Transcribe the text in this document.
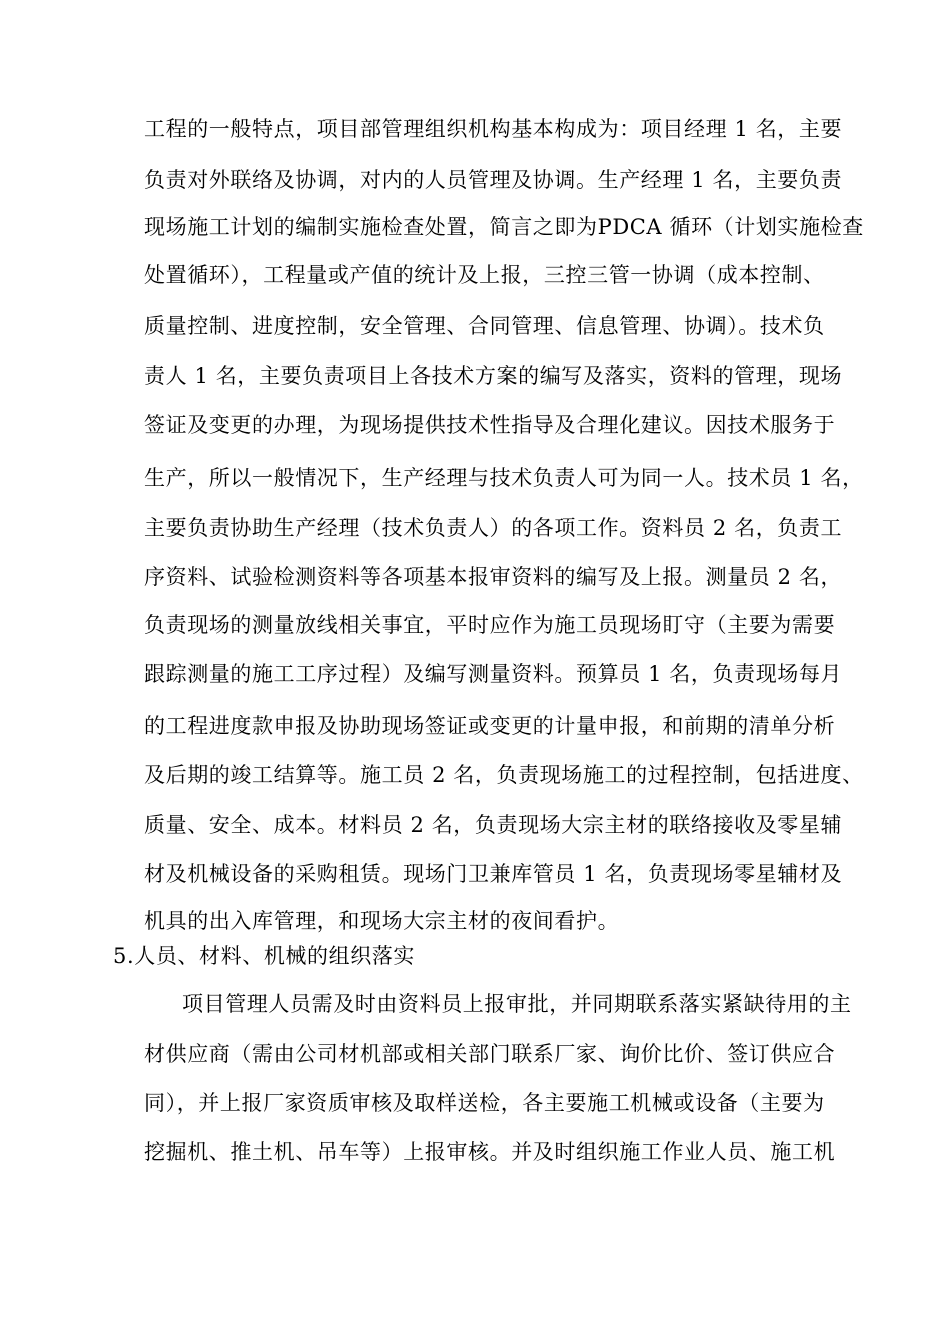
工程的一般特点，项目部管理组织机构基本构成为：项目经理 1 名，主要
负责对外联络及协调，对内的人员管理及协调。生产经理 1 名，主要负责
现场施工计划的编制实施检查处置，简言之即为PDCA 循环（计划实施检查
处置循环），工程量或产值的统计及上报，三控三管一协调（成本控制、
质量控制、进度控制，安全管理、合同管理、信息管理、协调）。技术负
责人 1 名，主要负责项目上各技术方案的编写及落实，资料的管理，现场
签证及变更的办理，为现场提供技术性指导及合理化建议。因技术服务于
生产，所以一般情况下，生产经理与技术负责人可为同一人。技术员 1 名，
主要负责协助生产经理（技术负责人）的各项工作。资料员 2 名，负责工
序资料、试验检测资料等各项基本报审资料的编写及上报。测量员 2 名，
负责现场的测量放线相关事宜，平时应作为施工员现场盯守（主要为需要
跟踪测量的施工工序过程）及编写测量资料。预算员 1 名，负责现场每月
的工程进度款申报及协助现场签证或变更的计量申报，和前期的清单分析
及后期的竣工结算等。施工员 2 名，负责现场施工的过程控制，包括进度、
质量、安全、成本。材料员 2 名，负责现场大宗主材的联络接收及零星辅
材及机械设备的采购租赁。现场门卫兼库管员 1 名，负责现场零星辅材及
机具的出入库管理，和现场大宗主材的夜间看护。
5.人员、材料、机械的组织落实
项目管理人员需及时由资料员上报审批，并同期联系落实紧缺待用的主
材供应商（需由公司材机部或相关部门联系厂家、询价比价、签订供应合
同），并上报厂家资质审核及取样送检，各主要施工机械或设备（主要为
挖掘机、推土机、吊车等）上报审核。并及时组织施工作业人员、施工机
